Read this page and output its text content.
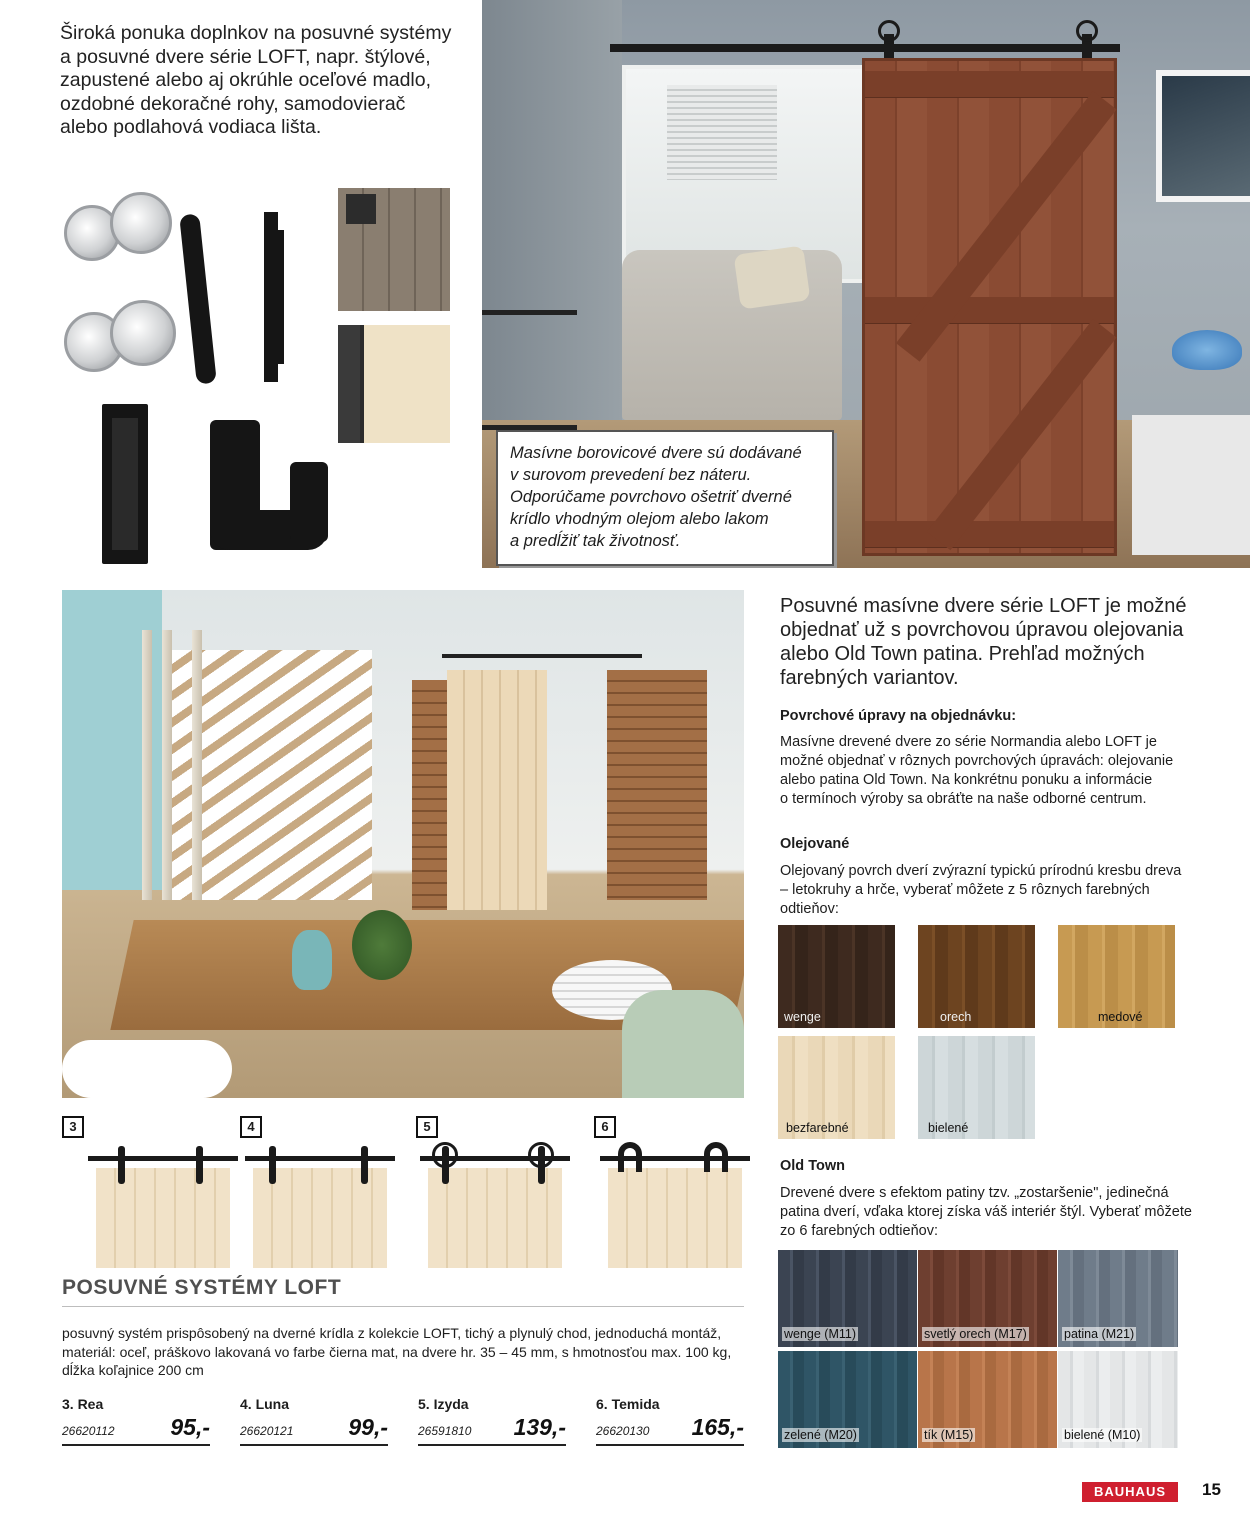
Široká ponuka doplnkov na posuvné systémy
a posuvné dvere série LOFT, napr. štýlové,
zapustené alebo aj okrúhle oceľové madlo,
ozdobné dekoračné rohy, samodovierač
alebo podlahová vodiaca lišta.
Masívne borovicové dvere sú dodávané
v surovom prevedení bez náteru.
Odporúčame povrchovo ošetriť dverné
krídlo vhodným olejom alebo lakom
a predĺžiť tak životnosť.
Posuvné masívne dvere série LOFT je možné
objednať už s povrchovou úpravou olejovania
alebo Old Town patina. Prehľad možných
farebných variantov.
Povrchové úpravy na objednávku:
Masívne drevené dvere zo série Normandia alebo LOFT je
možné objednať v rôznych povrchových úpravách: olejovanie
alebo patina Old Town. Na konkrétnu ponuku a informácie
o termínoch výroby sa obráťte na naše odborné centrum.
Olejované
Olejovaný povrch dverí zvýrazní typickú prírodnú kresbu dreva
– letokruhy a hrče, vyberať môžete z 5 rôznych farebných
odtieňov:
wenge	orech	medové
bezfarebné	bielené
Old Town
Drevené dvere s efektom patiny tzv. „zostaršenie", jedinečná
patina dverí, vďaka ktorej získa váš interiér štýl. Vyberať môžete
zo 6 farebných odtieňov:
wenge (M11)	svetlý orech (M17)	patina (M21)
zelené (M20)	tík (M15)	bielené (M10)
3	4	5	6
POSUVNÉ SYSTÉMY LOFT
posuvný systém prispôsobený na dverné krídla z kolekcie LOFT, tichý a plynulý chod, jednoduchá montáž,
materiál: oceľ, práškovo lakovaná vo farbe čierna mat, na dvere hr. 35 – 45 mm, s hmotnosťou max. 100 kg,
dĺžka koľajnice 200 cm
3. Rea
26620112	95,-
4. Luna
26620121	99,-
5. Izyda
26591810	139,-
6. Temida
26620130	165,-
BAUHAUS	15
